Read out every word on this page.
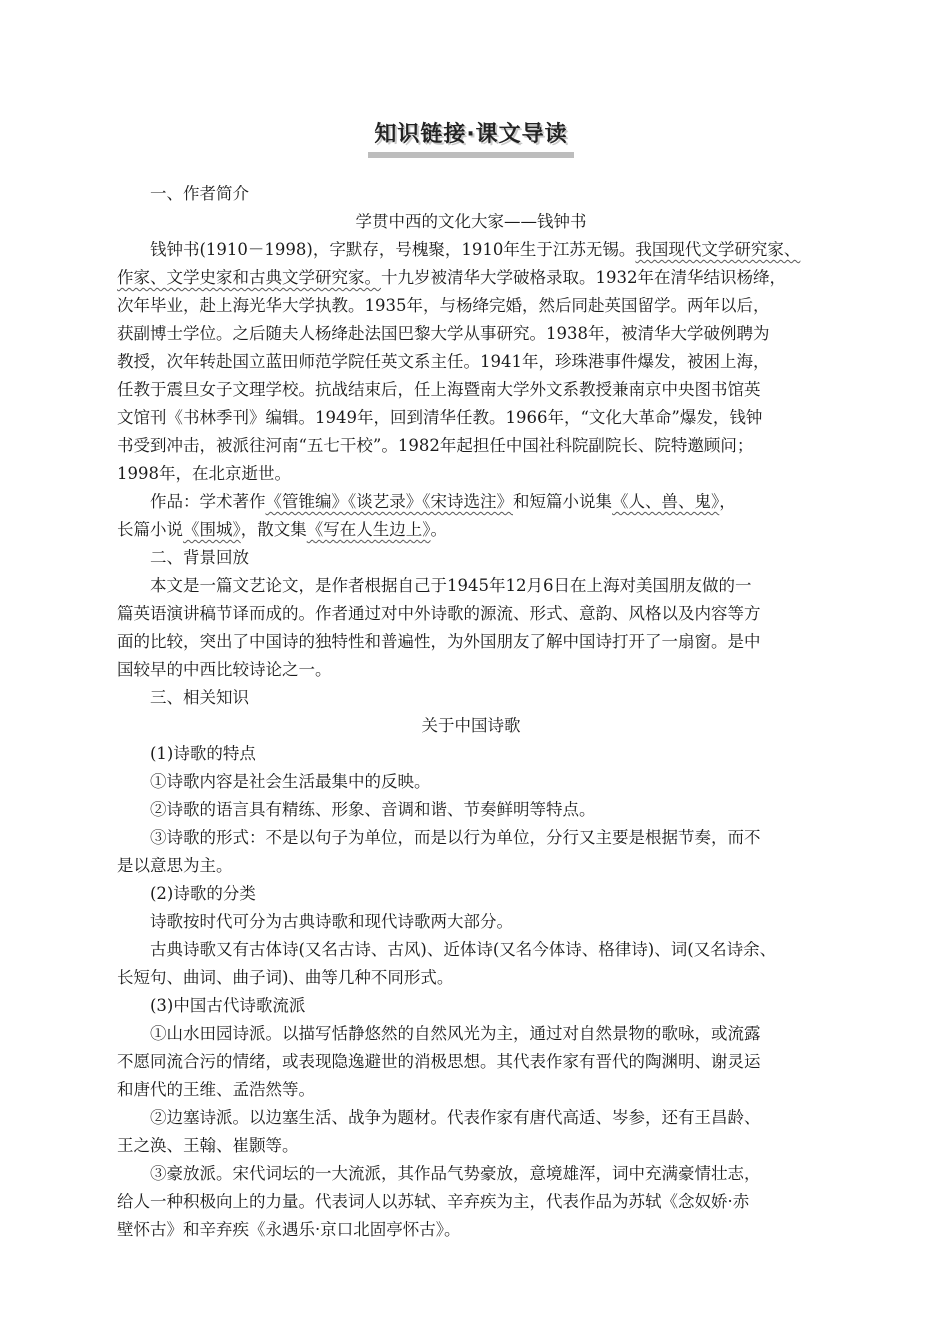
知识链接·课文导读
一、作者简介
学贯中西的文化大家——钱钟书
钱钟书(1910－1998)，字默存，号槐聚，1910年生于江苏无锡。我国现代文学研究家、
作家、文学史家和古典文学研究家。十九岁被清华大学破格录取。1932年在清华结识杨绛，
次年毕业，赴上海光华大学执教。1935年，与杨绛完婚，然后同赴英国留学。两年以后，
获副博士学位。之后随夫人杨绛赴法国巴黎大学从事研究。1938年，被清华大学破例聘为
教授，次年转赴国立蓝田师范学院任英文系主任。1941年，珍珠港事件爆发，被困上海，
任教于震旦女子文理学校。抗战结束后，任上海暨南大学外文系教授兼南京中央图书馆英
文馆刊《书林季刊》编辑。1949年，回到清华任教。1966年，“文化大革命”爆发，钱钟
书受到冲击，被派往河南“五七干校”。1982年起担任中国社科院副院长、院特邀顾问；
1998年，在北京逝世。
作品：学术著作《管锥编》《谈艺录》《宋诗选注》和短篇小说集《人、兽、鬼》，
长篇小说《围城》，散文集《写在人生边上》。
二、背景回放
本文是一篇文艺论文，是作者根据自己于1945年12月6日在上海对美国朋友做的一
篇英语演讲稿节译而成的。作者通过对中外诗歌的源流、形式、意韵、风格以及内容等方
面的比较，突出了中国诗的独特性和普遍性，为外国朋友了解中国诗打开了一扇窗。是中
国较早的中西比较诗论之一。
三、相关知识
关于中国诗歌
(1)诗歌的特点
①诗歌内容是社会生活最集中的反映。
②诗歌的语言具有精练、形象、音调和谐、节奏鲜明等特点。
③诗歌的形式：不是以句子为单位，而是以行为单位，分行又主要是根据节奏，而不
是以意思为主。
(2)诗歌的分类
诗歌按时代可分为古典诗歌和现代诗歌两大部分。
古典诗歌又有古体诗(又名古诗、古风)、近体诗(又名今体诗、格律诗)、词(又名诗余、
长短句、曲词、曲子词)、曲等几种不同形式。
(3)中国古代诗歌流派
①山水田园诗派。以描写恬静悠然的自然风光为主，通过对自然景物的歌咏，或流露
不愿同流合污的情绪，或表现隐逸避世的消极思想。其代表作家有晋代的陶渊明、谢灵运
和唐代的王维、孟浩然等。
②边塞诗派。以边塞生活、战争为题材。代表作家有唐代高适、岑参，还有王昌龄、
王之涣、王翰、崔颢等。
③豪放派。宋代词坛的一大流派，其作品气势豪放，意境雄浑，词中充满豪情壮志，
给人一种积极向上的力量。代表词人以苏轼、辛弃疾为主，代表作品为苏轼《念奴娇·赤
壁怀古》和辛弃疾《永遇乐·京口北固亭怀古》。
